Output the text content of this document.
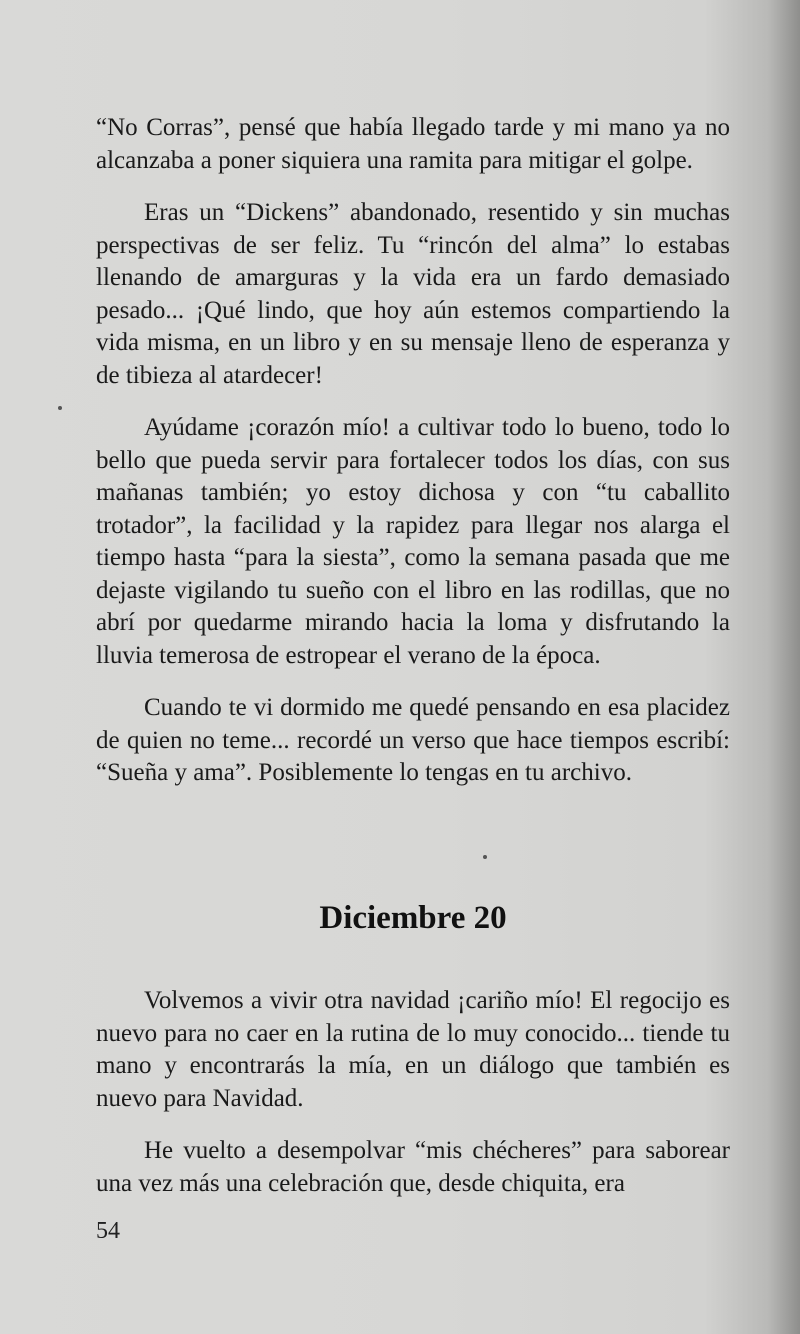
“No Corras”, pensé que había llegado tarde y mi mano ya no alcanzaba a poner siquiera una ramita para mitigar el golpe.

Eras un “Dickens” abandonado, resentido y sin muchas perspectivas de ser feliz. Tu “rincón del alma” lo estabas llenando de amarguras y la vida era un fardo demasiado pesado... ¡Qué lindo, que hoy aún estemos compartiendo la vida misma, en un libro y en su mensaje lleno de esperanza y de tibieza al atardecer!

Ayúdame ¡corazón mío! a cultivar todo lo bueno, todo lo bello que pueda servir para fortalecer todos los días, con sus mañanas también; yo estoy dichosa y con “tu caballito trotador”, la facilidad y la rapidez para llegar nos alarga el tiempo hasta “para la siesta”, como la semana pasada que me dejaste vigilando tu sueño con el libro en las rodillas, que no abrí por quedarme mirando hacia la loma y disfrutando la lluvia temerosa de estropear el verano de la época.

Cuando te vi dormido me quedé pensando en esa placidez de quien no teme... recordé un verso que hace tiempos escribí: “Sueña y ama”. Posiblemente lo tengas en tu archivo.

Diciembre 20

Volvemos a vivir otra navidad ¡cariño mío! El regocijo es nuevo para no caer en la rutina de lo muy conocido... tiende tu mano y encontrarás la mía, en un diálogo que también es nuevo para Navidad.

He vuelto a desempolvar “mis chécheres” para saborear una vez más una celebración que, desde chiquita, era

54
